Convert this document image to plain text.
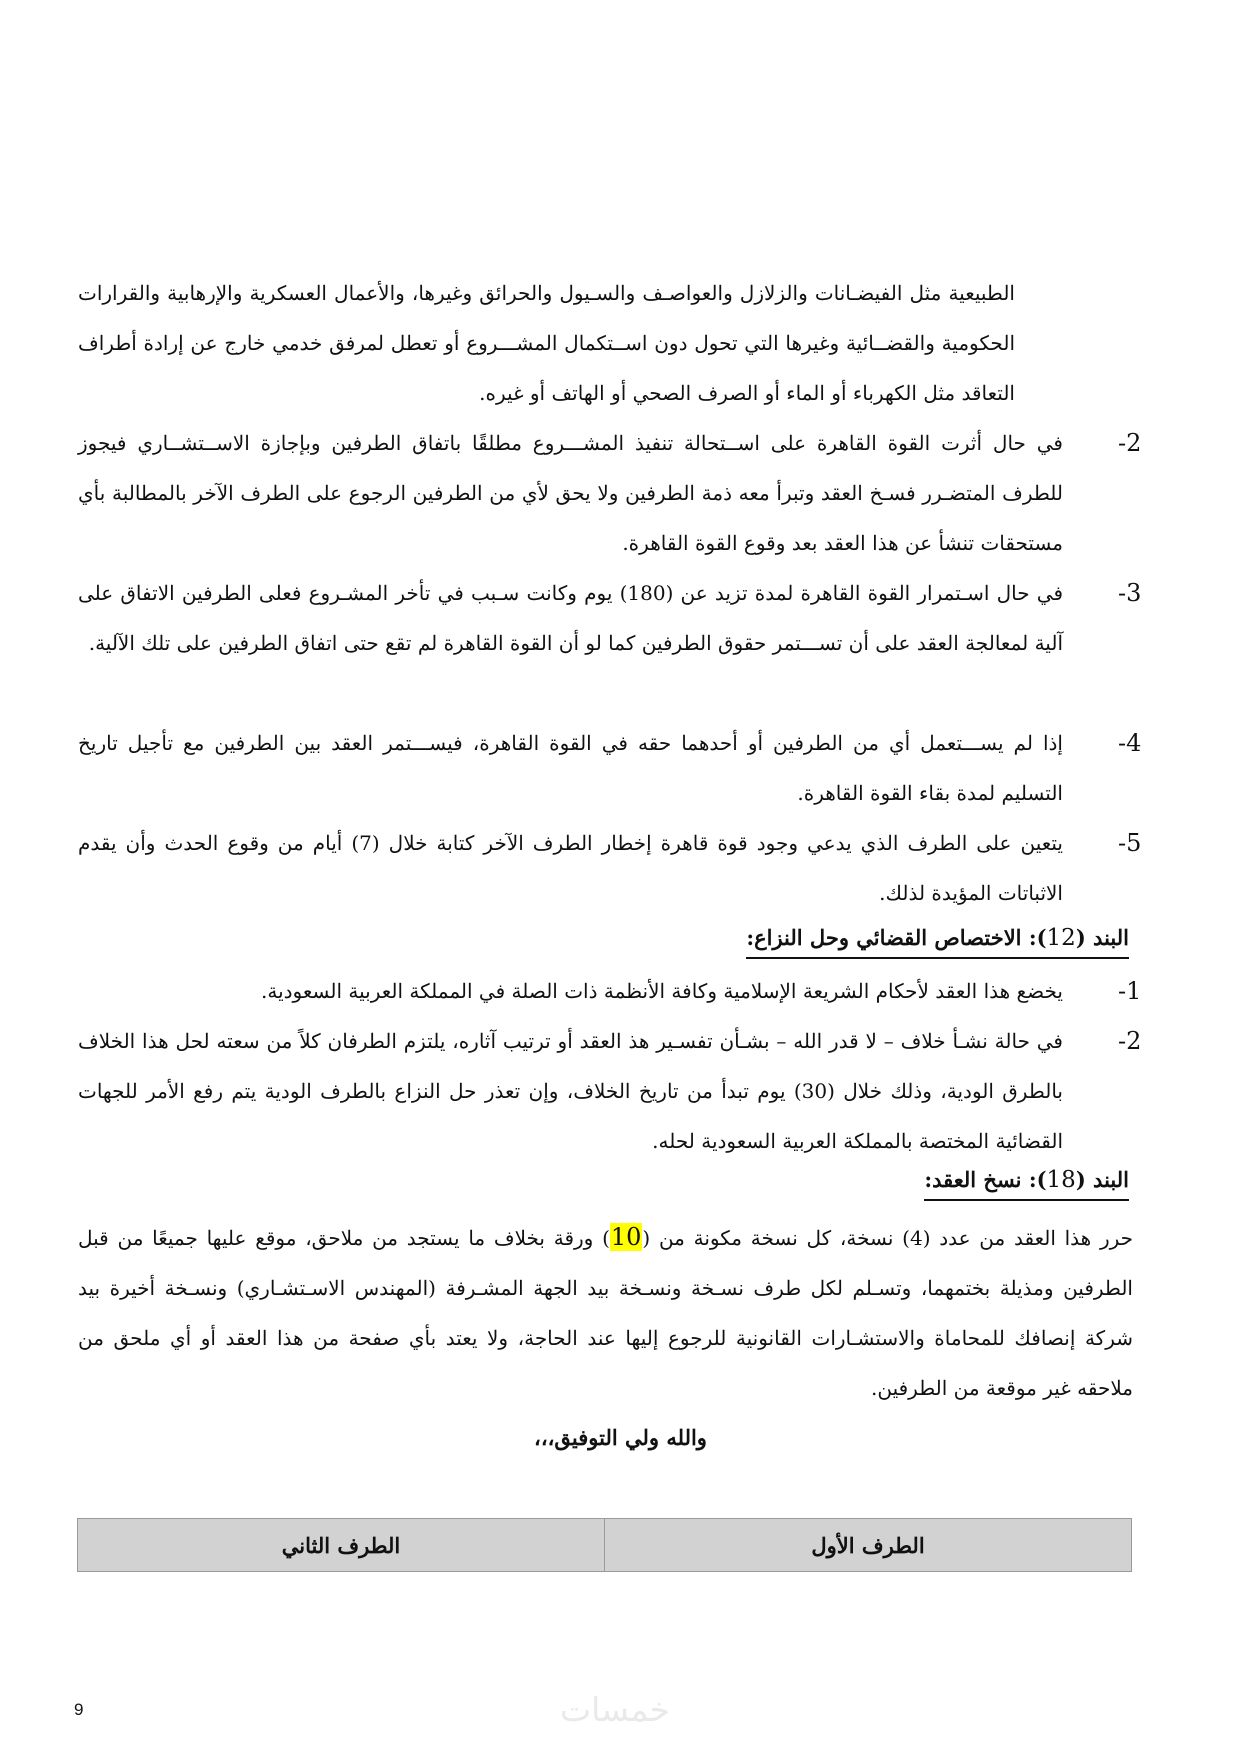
الطبيعية مثل الفيضـانات والزلازل والعواصـف والسـيول والحرائق وغيرها، والأعمال العسكرية والإرهابية والقرارات الحكومية والقضــائية وغيرها التي تحول دون اســتكمال المشـــروع أو تعطل لمرفق خدمي خارج عن إرادة أطراف التعاقد مثل الكهرباء أو الماء أو الصرف الصحي أو الهاتف أو غيره.

-2

في حال أثرت القوة القاهرة على اســتحالة تنفيذ المشـــروع مطلقًا باتفاق الطرفين وبإجازة الاســتشــاري فيجوز للطرف المتضـرر فسـخ العقد وتبرأ معه ذمة الطرفين ولا يحق لأي من الطرفين الرجوع على الطرف الآخر بالمطالبة بأي مستحقات تنشأ عن هذا العقد بعد وقوع القوة القاهرة.

-3

في حال اسـتمرار القوة القاهرة لمدة تزيد عن (180) يوم وكانت سـبب في تأخر المشـروع فعلى الطرفين الاتفاق على آلية لمعالجة العقد على أن تســـتمر حقوق الطرفين كما لو أن القوة القاهرة لم تقع حتى اتفاق الطرفين على تلك الآلية.

-4

إذا لم يســـتعمل أي من الطرفين أو أحدهما حقه في القوة القاهرة، فيســـتمر العقد بين الطرفين مع تأجيل تاريخ التسليم لمدة بقاء القوة القاهرة.

-5

يتعين على الطرف الذي يدعي وجود قوة قاهرة إخطار الطرف الآخر كتابة خلال (7) أيام من وقوع الحدث وأن يقدم الاثباتات المؤيدة لذلك.

البند (12): الاختصاص القضائي وحل النزاع:
-1

يخضع هذا العقد لأحكام الشريعة الإسلامية وكافة الأنظمة ذات الصلة في المملكة العربية السعودية.

-2

في حالة نشـأ خلاف – لا قدر الله – بشـأن تفسـير هذ العقد أو ترتيب آثاره، يلتزم الطرفان كلاً من سعته لحل هذا الخلاف بالطرق الودية، وذلك خلال (30) يوم تبدأ من تاريخ الخلاف، وإن تعذر حل النزاع بالطرف الودية يتم رفع الأمر للجهات القضائية المختصة بالمملكة العربية السعودية لحله.

البند (18): نسخ العقد:

حرر هذا العقد من عدد (4) نسخة، كل نسخة مكونة من (10) ورقة بخلاف ما يستجد من ملاحق، موقع عليها جميعًا من قبل الطرفين ومذيلة بختمهما، وتسـلم لكل طرف نسـخة ونسـخة بيد الجهة المشـرفة (المهندس الاسـتشـاري) ونسـخة أخيرة بيد شركة إنصافك للمحاماة والاستشـارات القانونية للرجوع إليها عند الحاجة، ولا يعتد بأي صفحة من هذا العقد أو أي ملحق من ملاحقه غير موقعة من الطرفين.

والله ولي التوفيق،،،
الطرف الأول	الطرف الثاني
9	خمسات
